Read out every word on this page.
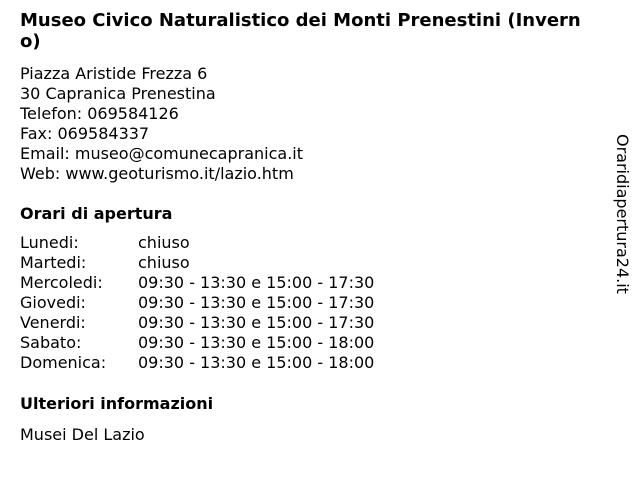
Museo Civico Naturalistico dei Monti Prenestini (Inverno)
Piazza Aristide Frezza 6
30 Capranica Prenestina
Telefon: 069584126
Fax: 069584337
Email: museo@comunecapranica.it
Web: www.geoturismo.it/lazio.htm
Orari di apertura
Lunedi:	chiuso
Martedi:	chiuso
Mercoledi:	09:30 - 13:30 e 15:00 - 17:30
Giovedi:	09:30 - 13:30 e 15:00 - 17:30
Venerdi:	09:30 - 13:30 e 15:00 - 17:30
Sabato:	09:30 - 13:30 e 15:00 - 18:00
Domenica:	09:30 - 13:30 e 15:00 - 18:00
Ulteriori informazioni
Musei Del Lazio
Oraridiapertura24.it
